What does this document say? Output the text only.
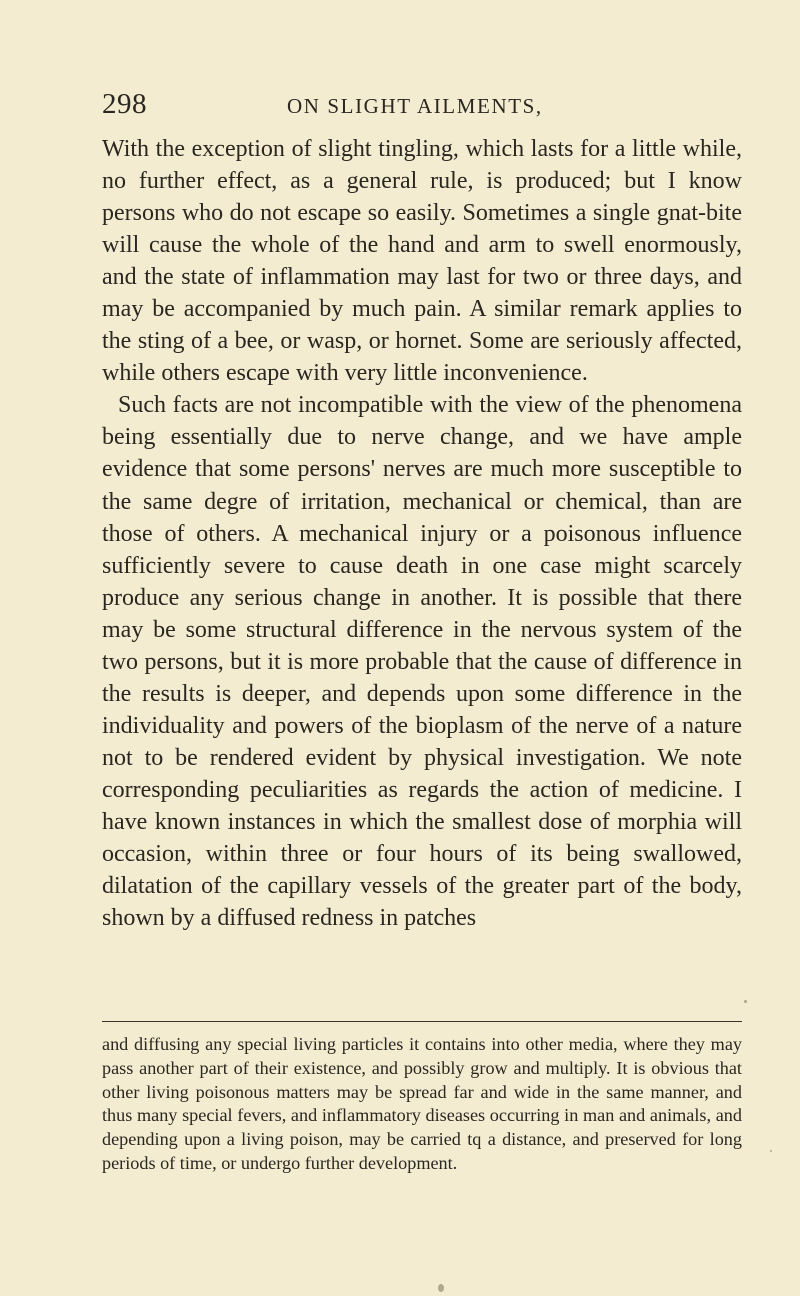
298	ON SLIGHT AILMENTS,

With the exception of slight tingling, which lasts for a little while, no further effect, as a general rule, is produced; but I know persons who do not escape so easily. Sometimes a single gnat-bite will cause the whole of the hand and arm to swell enormously, and the state of inflammation may last for two or three days, and may be accompanied by much pain. A similar remark applies to the sting of a bee, or wasp, or hornet. Some are seriously affected, while others escape with very little inconvenience.

Such facts are not incompatible with the view of the phenomena being essentially due to nerve change, and we have ample evidence that some persons' nerves are much more susceptible to the same degre of irritation, mechanical or chemical, than are those of others. A mechanical injury or a poisonous influence sufficiently severe to cause death in one case might scarcely produce any serious change in another. It is possible that there may be some structural difference in the nervous system of the two persons, but it is more probable that the cause of difference in the results is deeper, and depends upon some difference in the individuality and powers of the bioplasm of the nerve of a nature not to be rendered evident by physical investigation. We note corresponding peculiarities as regards the action of medicine. I have known instances in which the smallest dose of morphia will occasion, within three or four hours of its being swallowed, dilatation of the capillary vessels of the greater part of the body, shown by a diffused redness in patches

and diffusing any special living particles it contains into other media, where they may pass another part of their existence, and possibly grow and multiply. It is obvious that other living poisonous matters may be spread far and wide in the same manner, and thus many special fevers, and inflammatory diseases occurring in man and animals, and depending upon a living poison, may be carried tq a distance, and preserved for long periods of time, or undergo further development.
